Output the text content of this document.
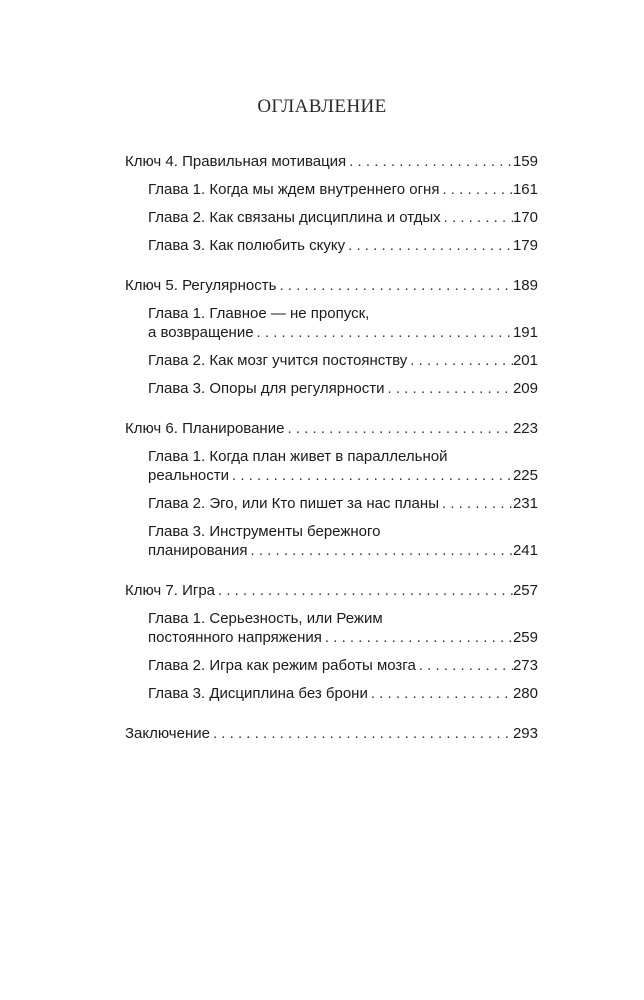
ОГЛАВЛЕНИЕ
Ключ 4. Правильная мотивация . . .	159
Глава 1. Когда мы ждем внутреннего огня . . .	161
Глава 2. Как связаны дисциплина и отдых . . .	170
Глава 3. Как полюбить скуку . . .	179
Ключ 5. Регулярность . . .	189
Глава 1. Главное — не пропуск,
а возвращение . . .	191
Глава 2. Как мозг учится постоянству . . .	201
Глава 3. Опоры для регулярности . . .	209
Ключ 6. Планирование . . .	223
Глава 1. Когда план живет в параллельной
реальности . . .	225
Глава 2. Эго, или Кто пишет за нас планы . . .	231
Глава 3. Инструменты бережного
планирования . . .	241
Ключ 7. Игра . . .	257
Глава 1. Серьезность, или Режим
постоянного напряжения . . .	259
Глава 2. Игра как режим работы мозга . . .	273
Глава 3. Дисциплина без брони . . .	280
Заключение . . .	293
